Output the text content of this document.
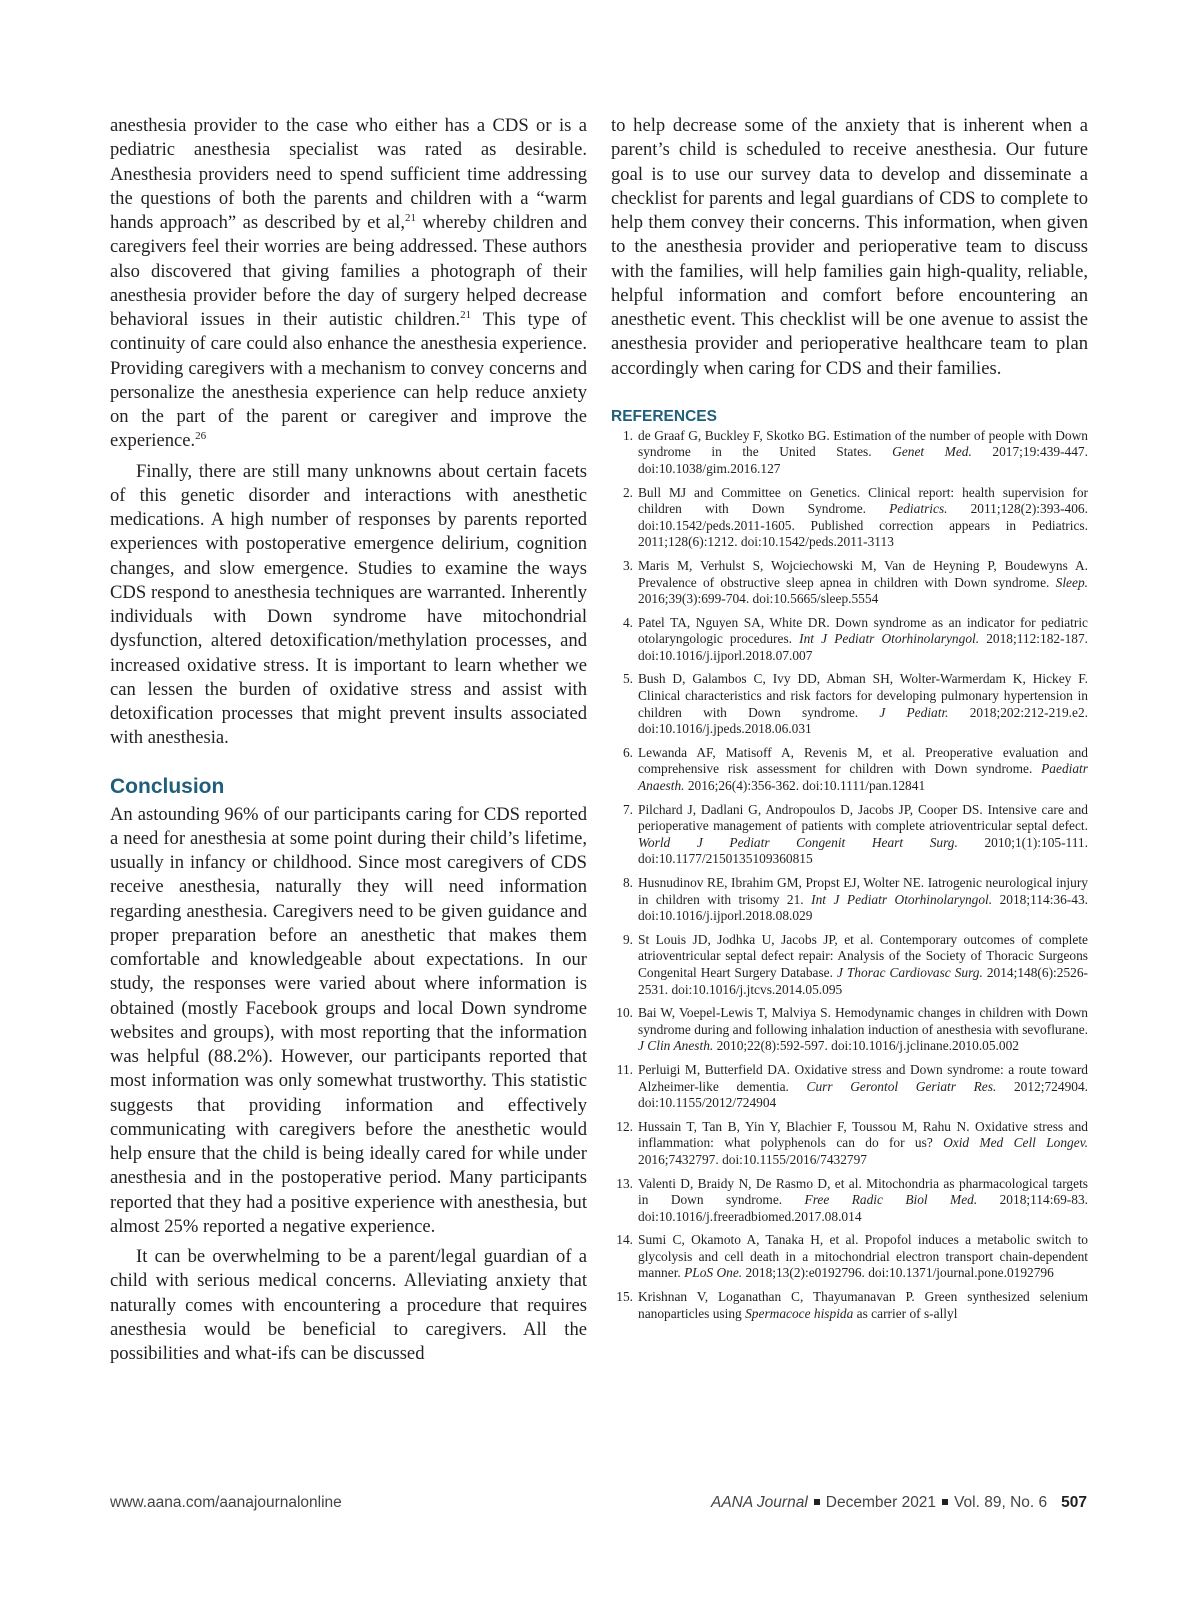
anesthesia provider to the case who either has a CDS or is a pediatric anesthesia specialist was rated as desirable. Anesthesia providers need to spend sufficient time addressing the questions of both the parents and children with a “warm hands approach” as described by et al,$^{21}$ whereby children and caregivers feel their worries are being addressed. These authors also discovered that giving families a photograph of their anesthesia provider before the day of surgery helped decrease behavioral issues in their autistic children.$^{21}$ This type of continuity of care could also enhance the anesthesia experience. Providing caregivers with a mechanism to convey concerns and personalize the anesthesia experience can help reduce anxiety on the part of the parent or caregiver and improve the experience.$^{26}$

Finally, there are still many unknowns about certain facets of this genetic disorder and interactions with anesthetic medications. A high number of responses by parents reported experiences with postoperative emergence delirium, cognition changes, and slow emergence. Studies to examine the ways CDS respond to anesthesia techniques are warranted. Inherently individuals with Down syndrome have mitochondrial dysfunction, altered detoxification/methylation processes, and increased oxidative stress. It is important to learn whether we can lessen the burden of oxidative stress and assist with detoxification processes that might prevent insults associated with anesthesia.

Conclusion

An astounding 96% of our participants caring for CDS reported a need for anesthesia at some point during their child’s lifetime, usually in infancy or childhood. Since most caregivers of CDS receive anesthesia, naturally they will need information regarding anesthesia. Caregivers need to be given guidance and proper preparation before an anesthetic that makes them comfortable and knowledgeable about expectations. In our study, the responses were varied about where information is obtained (mostly Facebook groups and local Down syndrome websites and groups), with most reporting that the information was helpful (88.2%). However, our participants reported that most information was only somewhat trustworthy. This statistic suggests that providing information and effectively communicating with caregivers before the anesthetic would help ensure that the child is being ideally cared for while under anesthesia and in the postoperative period. Many participants reported that they had a positive experience with anesthesia, but almost 25% reported a negative experience.

It can be overwhelming to be a parent/legal guardian of a child with serious medical concerns. Alleviating anxiety that naturally comes with encountering a procedure that requires anesthesia would be beneficial to caregivers. All the possibilities and what-ifs can be discussed

to help decrease some of the anxiety that is inherent when a parent’s child is scheduled to receive anesthesia. Our future goal is to use our survey data to develop and disseminate a checklist for parents and legal guardians of CDS to complete to help them convey their concerns. This information, when given to the anesthesia provider and perioperative team to discuss with the families, will help families gain high-quality, reliable, helpful information and comfort before encountering an anesthetic event. This checklist will be one avenue to assist the anesthesia provider and perioperative healthcare team to plan accordingly when caring for CDS and their families.

REFERENCES
1. de Graaf G, Buckley F, Skotko BG. Estimation of the number of people with Down syndrome in the United States. Genet Med. 2017;19:439-447. doi:10.1038/gim.2016.127
2. Bull MJ and Committee on Genetics. Clinical report: health supervision for children with Down Syndrome. Pediatrics. 2011;128(2):393-406. doi:10.1542/peds.2011-1605. Published correction appears in Pediatrics. 2011;128(6):1212. doi:10.1542/peds.2011-3113
3. Maris M, Verhulst S, Wojciechowski M, Van de Heyning P, Boudewyns A. Prevalence of obstructive sleep apnea in children with Down syndrome. Sleep. 2016;39(3):699-704. doi:10.5665/sleep.5554
4. Patel TA, Nguyen SA, White DR. Down syndrome as an indicator for pediatric otolaryngologic procedures. Int J Pediatr Otorhinolaryngol. 2018;112:182-187. doi:10.1016/j.ijporl.2018.07.007
5. Bush D, Galambos C, Ivy DD, Abman SH, Wolter-Warmerdam K, Hickey F. Clinical characteristics and risk factors for developing pulmonary hypertension in children with Down syndrome. J Pediatr. 2018;202:212-219.e2. doi:10.1016/j.jpeds.2018.06.031
6. Lewanda AF, Matisoff A, Revenis M, et al. Preoperative evaluation and comprehensive risk assessment for children with Down syndrome. Paediatr Anaesth. 2016;26(4):356-362. doi:10.1111/pan.12841
7. Pilchard J, Dadlani G, Andropoulos D, Jacobs JP, Cooper DS. Intensive care and perioperative management of patients with complete atrioventricular septal defect. World J Pediatr Congenit Heart Surg. 2010;1(1):105-111. doi:10.1177/2150135109360815
8. Husnudinov RE, Ibrahim GM, Propst EJ, Wolter NE. Iatrogenic neurological injury in children with trisomy 21. Int J Pediatr Otorhinolaryngol. 2018;114:36-43. doi:10.1016/j.ijporl.2018.08.029
9. St Louis JD, Jodhka U, Jacobs JP, et al. Contemporary outcomes of complete atrioventricular septal defect repair: Analysis of the Society of Thoracic Surgeons Congenital Heart Surgery Database. J Thorac Cardiovasc Surg. 2014;148(6):2526-2531. doi:10.1016/j.jtcvs.2014.05.095
10. Bai W, Voepel-Lewis T, Malviya S. Hemodynamic changes in children with Down syndrome during and following inhalation induction of anesthesia with sevoflurane. J Clin Anesth. 2010;22(8):592-597. doi:10.1016/j.jclinane.2010.05.002
11. Perluigi M, Butterfield DA. Oxidative stress and Down syndrome: a route toward Alzheimer-like dementia. Curr Gerontol Geriatr Res. 2012;724904. doi:10.1155/2012/724904
12. Hussain T, Tan B, Yin Y, Blachier F, Toussou M, Rahu N. Oxidative stress and inflammation: what polyphenols can do for us? Oxid Med Cell Longev. 2016;7432797. doi:10.1155/2016/7432797
13. Valenti D, Braidy N, De Rasmo D, et al. Mitochondria as pharmacological targets in Down syndrome. Free Radic Biol Med. 2018;114:69-83. doi:10.1016/j.freeradbiomed.2017.08.014
14. Sumi C, Okamoto A, Tanaka H, et al. Propofol induces a metabolic switch to glycolysis and cell death in a mitochondrial electron transport chain-dependent manner. PLoS One. 2018;13(2):e0192796. doi:10.1371/journal.pone.0192796
15. Krishnan V, Loganathan C, Thayumanavan P. Green synthesized selenium nanoparticles using Spermacoce hispida as carrier of s-allyl
www.aana.com/aanajournalonline	AANA Journal December 2021 Vol. 89, No. 6 507
